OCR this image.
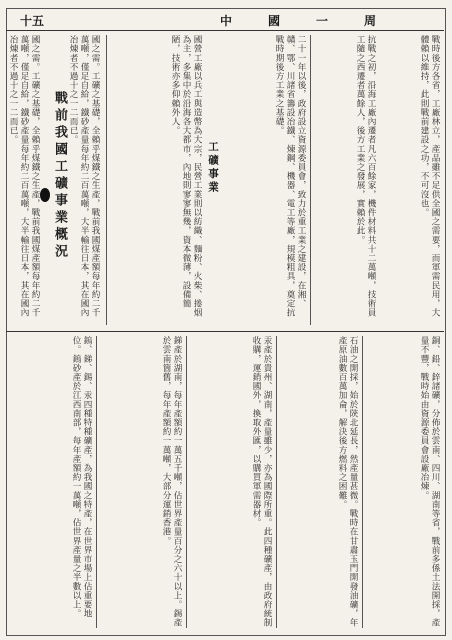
十五	中國一周
國之需。工礦之基礎，全賴乎煤鐵之生產，戰前我國煤產額每年約二千萬噸，僅足自給，鐵砂產量每年約二百萬噸，大半輸往日本，其在國內冶煉者不過十之一二而已。
戰前我國工礦事業概況	國之需。工礦之基礎，全賴乎煤鐵之生產，戰前我國煤產額每年約二千萬噸，僅足自給，鐵砂產量每年約二百萬噸，大半輸往日本，其在國內冶煉者不過十之一二而已。	國營工廠以兵工與造幣為大宗，民營工業則以紡織、麵粉、火柴、捲烟為主，多集中於沿海各大都市，內地則寥寥無幾，資本微薄，設備簡陋，技術亦多仰賴外人。
工礦事業	二十一年以後，政府設立資源委員會，致力於重工業之建設，在湘、贛、鄂、川諸省籌設冶鐵、煉鋼、機器、電工等廠，規模粗具，奠定抗戰時期後方工業之基礎。	抗戰之初，沿海工廠內遷者凡六百餘家，機件材料共十二萬噸，技術員工隨之西遷者萬餘人，後方工業之發展，實賴於此。	戰時後方各省，工廠林立，產品雖不足供全國之需要，而軍需民用，大體賴以維持，此則戰前建設之功，不可沒也。
鎢、銻、錫、汞四種特種礦產，為我國之特產，在世界市場上佔重要地位。鎢砂產於江西南部，每年產額約一萬噸，佔世界產量之半數以上。	銻產於湖南，每年產額約一萬五千噸，佔世界產量百分之六十以上。錫產於雲南箇舊，每年產額約一萬噸，大部分運銷香港。	汞產於貴州、湖南，產量雖少，亦為國際所重。此四種礦產，由政府統制收購，運銷國外，換取外匯，以購買軍需器材。	石油之開採，始於陝北延長，然產量甚微。戰時在甘肅玉門開發油礦，年產原油數百萬加侖，解決後方燃料之困難。	銅、鉛、鋅諸礦，分佈於雲南、四川、湖南等省，戰前多係土法開採，產量不豐，戰時始由資源委員會設廠冶煉。
